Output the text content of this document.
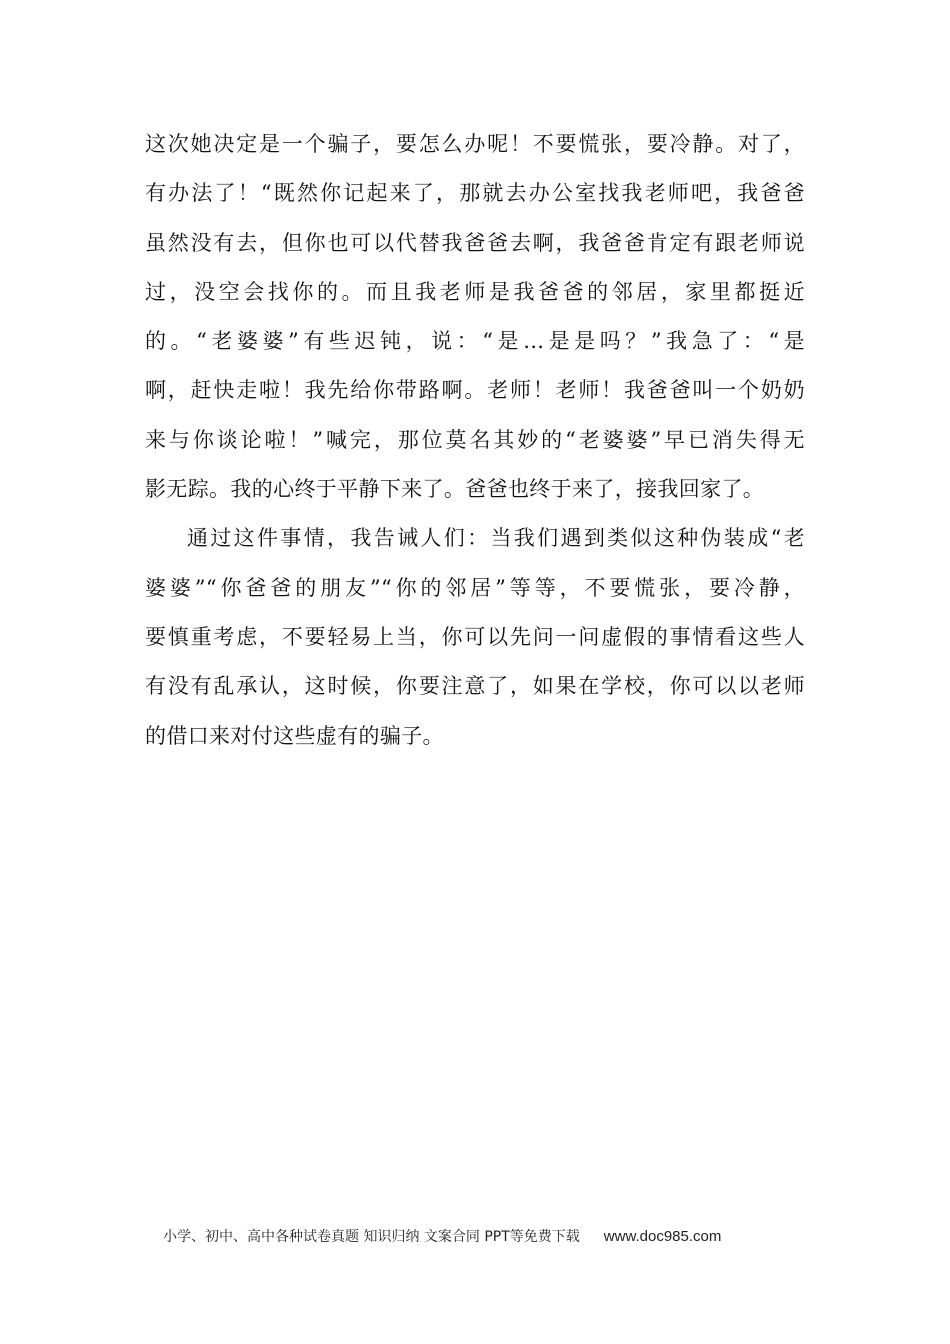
这次她决定是一个骗子，要怎么办呢！不要慌张，要冷静。对了，
有办法了！“既然你记起来了，那就去办公室找我老师吧，我爸爸
虽然没有去，但你也可以代替我爸爸去啊，我爸爸肯定有跟老师说
过，没空会找你的。而且我老师是我爸爸的邻居，家里都挺近
的。“老婆婆”有些迟钝，说：“是…是是吗？”我急了：“是
啊，赶快走啦！我先给你带路啊。老师！老师！我爸爸叫一个奶奶
来与你谈论啦！”喊完，那位莫名其妙的“老婆婆”早已消失得无
影无踪。我的心终于平静下来了。爸爸也终于来了，接我回家了。
通过这件事情，我告诫人们：当我们遇到类似这种伪装成“老
婆婆”“你爸爸的朋友”“你的邻居”等等，不要慌张，要冷静，
要慎重考虑，不要轻易上当，你可以先问一问虚假的事情看这些人
有没有乱承认，这时候，你要注意了，如果在学校，你可以以老师
的借口来对付这些虚有的骗子。
小学、初中、高中各种试卷真题 知识归纳 文案合同 PPT等免费下载 www.doc985.com
